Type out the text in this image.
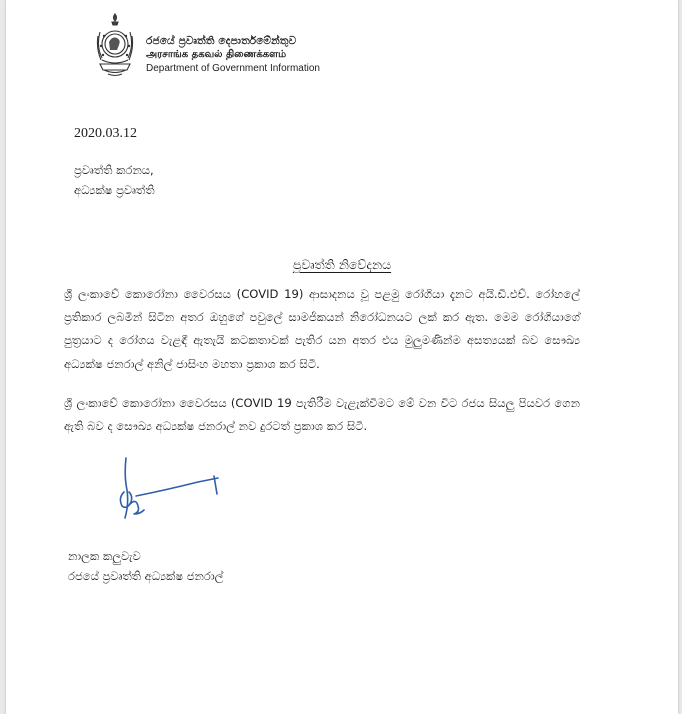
රජයේ ප්‍රවෘත්ති දෙපාර්තමේන්තුව
அரசாங்க தகவல் திணைக்களம்
Department of Government Information
2020.03.12
ප්‍රවෘත්ති කරනය,
අධ්‍යක්ෂ ප්‍රවෘත්ති
ප්‍රවෘත්ති නිවේදනය
ශ්‍රී ලංකාවේ කොරෝනා වෛරසය (COVID 19) ආසාදනය වූ පළමු රෝගියා දැනට අයි.ඩී.එච්. රෝහලේ ප්‍රතිකාර ලබමින් සිටින අතර ඔහුගේ පවුලේ සාමජිකයන් නිරෝධනයට ලක් කර ඇත. මෙම රෝගියාගේ පුත්‍රයාට ද රෝගය වැළඳී ඇතැයි කටකතාවක් පැතිර යන අතර එය මුලුමණින්ම අසත්‍යයක් බව සෞඛ්‍ය අධ්‍යක්ෂ ජනරාල් අනිල් ජාසිංහ මහතා ප්‍රකාශ කර සිටී.
ශ්‍රී ලංකාවේ කොරෝනා වෛරසය (COVID 19 පැතිරීම වැළැක්වීමට මේ වන විට රජය සියලු පියවර ගෙන ඇති බව ද සෞඛ්‍ය අධ්‍යක්ෂ ජනරාල් නව දුරටත් ප්‍රකාශ කර සිටී.
නාලක කලුවැව
රජයේ ප්‍රවෘත්ති අධ්‍යක්ෂ ජනරාල්
